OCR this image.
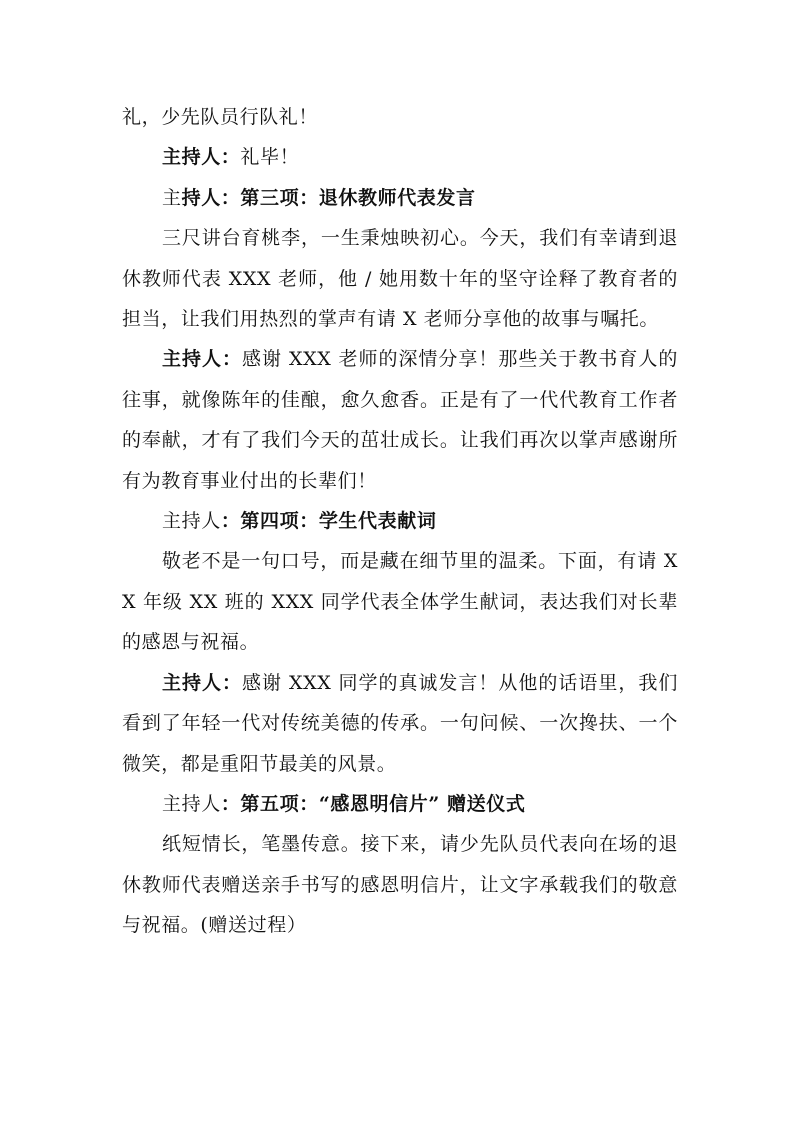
礼，少先队员行队礼！

主持人：礼毕！

主持人：第三项：退休教师代表发言

三尺讲台育桃李，一生秉烛映初心。今天，我们有幸请到退休教师代表 XXX 老师，他 / 她用数十年的坚守诠释了教育者的担当，让我们用热烈的掌声有请 X 老师分享他的故事与嘱托。

主持人：感谢 XXX 老师的深情分享！那些关于教书育人的往事，就像陈年的佳酿，愈久愈香。正是有了一代代教育工作者的奉献，才有了我们今天的茁壮成长。让我们再次以掌声感谢所有为教育事业付出的长辈们！

主持人：第四项：学生代表献词

敬老不是一句口号，而是藏在细节里的温柔。下面，有请 XX 年级 XX 班的 XXX 同学代表全体学生献词，表达我们对长辈的感恩与祝福。

主持人：感谢 XXX 同学的真诚发言！从他的话语里，我们看到了年轻一代对传统美德的传承。一句问候、一次搀扶、一个微笑，都是重阳节最美的风景。

主持人：第五项：“感恩明信片” 赠送仪式

纸短情长，笔墨传意。接下来，请少先队员代表向在场的退休教师代表赠送亲手书写的感恩明信片，让文字承载我们的敬意与祝福。(赠送过程）
